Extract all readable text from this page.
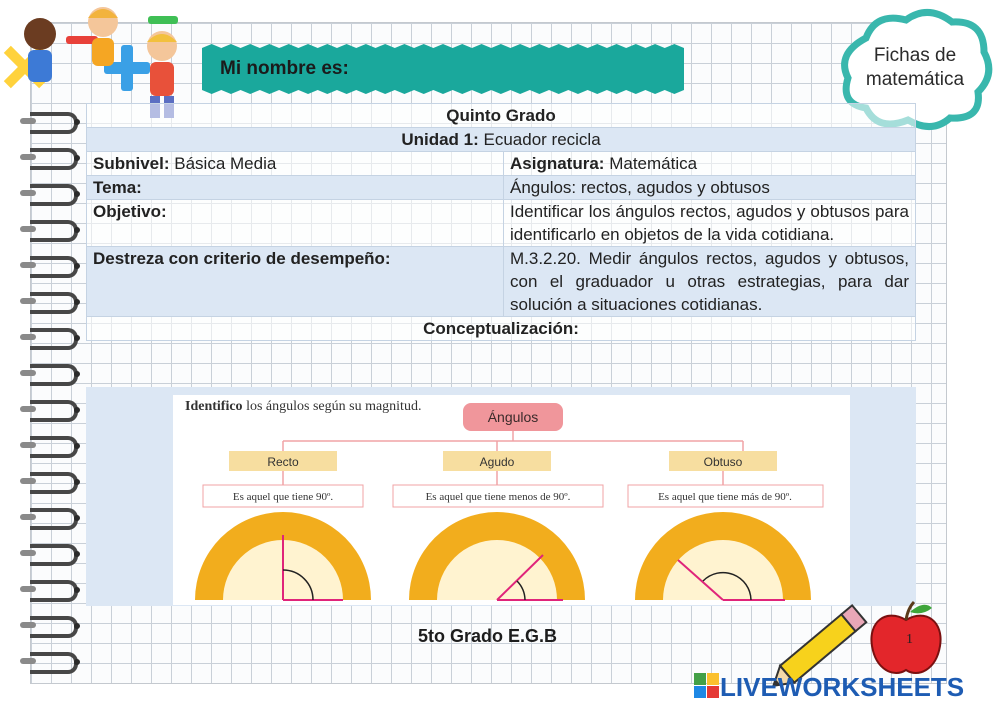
Mi nombre es:
Fichas de
matemática
Quinto Grado	
Unidad 1: Ecuador recicla	
Subnivel: Básica Media	Asignatura: Matemática
Tema:	Ángulos: rectos, agudos y obtusos
Objetivo:	Identificar los ángulos rectos, agudos y obtusos para identificarlo en objetos de la vida cotidiana.
Destreza con criterio de desempeño:	M.3.2.20. Medir ángulos rectos, agudos y obtusos, con el graduador u otras estrategias, para dar solución a situaciones cotidianas.
Conceptualización:	
Identifico los ángulos según su magnitud.
Ángulos
Recto	Agudo	Obtuso
Es aquel que tiene 90º.	Es aquel que tiene menos de 90º.	Es aquel que tiene más de 90º.
5to Grado E.G.B	1
LIVEWORKSHEETS
